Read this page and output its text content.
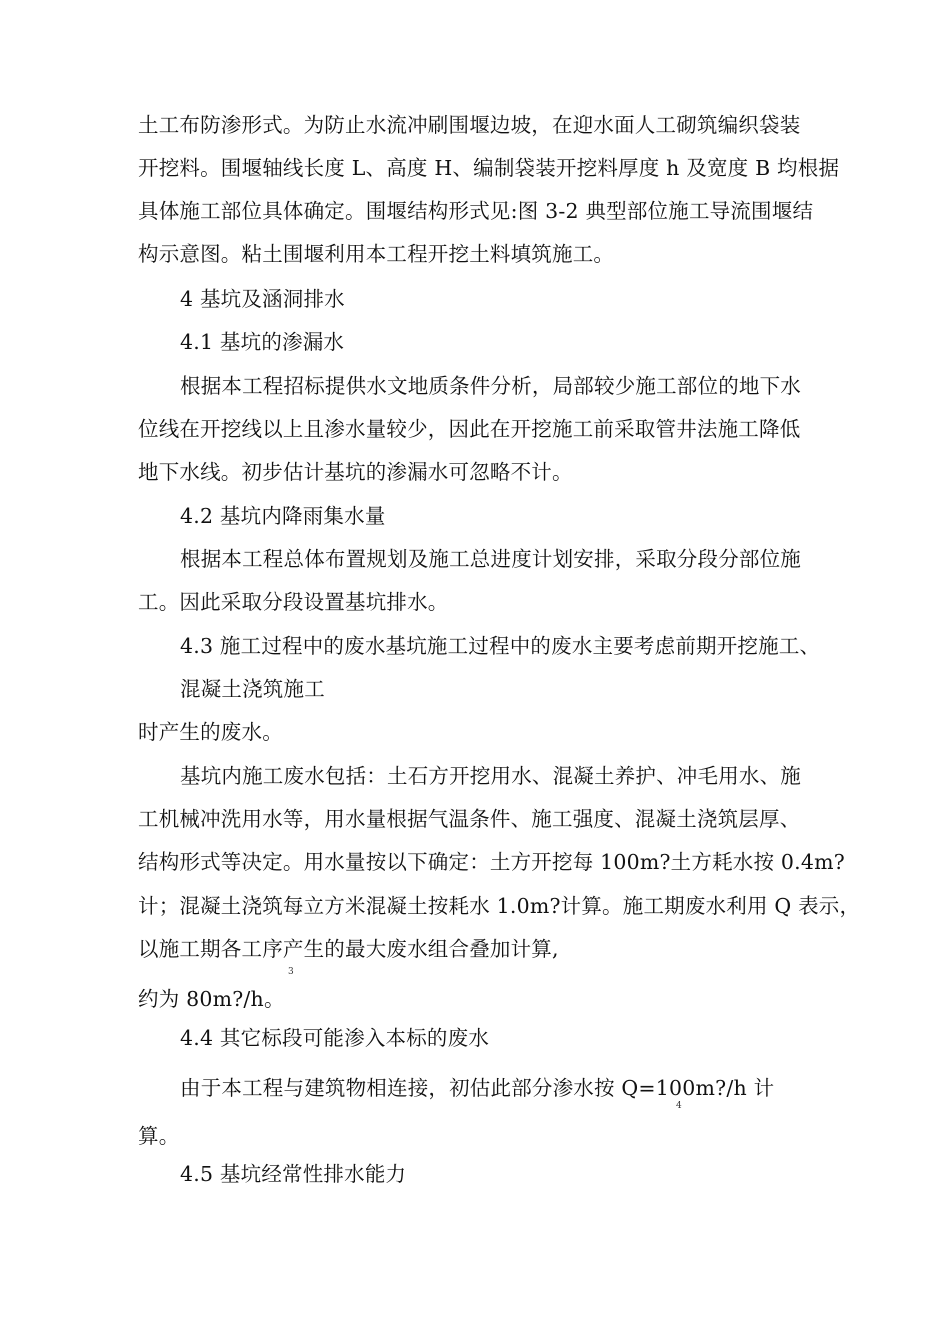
土工布防渗形式。为防止水流冲刷围堰边坡，在迎水面人工砌筑编织袋装
开挖料。围堰轴线长度 L、高度 H、编制袋装开挖料厚度 h 及宽度 B 均根据
具体施工部位具体确定。围堰结构形式见:图 3-2 典型部位施工导流围堰结
构示意图。粘土围堰利用本工程开挖土料填筑施工。
4 基坑及涵洞排水
4.1 基坑的渗漏水
根据本工程招标提供水文地质条件分析，局部较少施工部位的地下水
位线在开挖线以上且渗水量较少，因此在开挖施工前采取管井法施工降低
地下水线。初步估计基坑的渗漏水可忽略不计。
4.2 基坑内降雨集水量
根据本工程总体布置规划及施工总进度计划安排，采取分段分部位施
工。因此采取分段设置基坑排水。
4.3 施工过程中的废水基坑施工过程中的废水主要考虑前期开挖施工、
混凝土浇筑施工
时产生的废水。
基坑内施工废水包括：土石方开挖用水、混凝土养护、冲毛用水、施
工机械冲洗用水等，用水量根据气温条件、施工强度、混凝土浇筑层厚、
结构形式等决定。用水量按以下确定：土方开挖每 100m?土方耗水按 0.4m?
计；混凝土浇筑每立方米混凝土按耗水 1.0m?计算。施工期废水利用 Q 表示，
以施工期各工序产生的最大废水组合叠加计算,
3
约为 80m?/h。
4.4 其它标段可能渗入本标的废水
由于本工程与建筑物相连接，初估此部分渗水按 Q=100m?/h 计
4
算。
4.5 基坑经常性排水能力
